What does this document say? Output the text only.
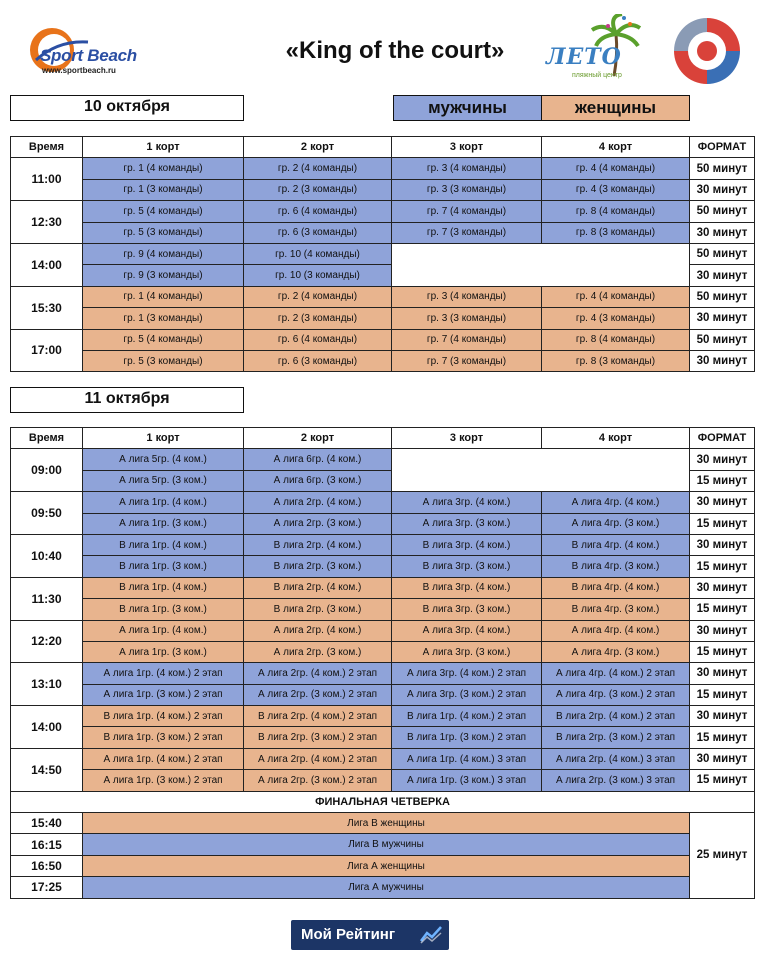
Sport Beach
www.sportbeach.ru
«King of the court»	ЛЕТО
пляжный центр
10 октября	мужчины	женщины
Время	1 корт	2 корт	3 корт	4 корт	ФОРМАТ
11:00	гр. 1 (4 команды)	гр. 2 (4 команды)	гр. 3 (4 команды)	гр. 4 (4 команды)	50 минут
	гр. 1 (3 команды)	гр. 2 (3 команды)	гр. 3 (3 команды)	гр. 4 (3 команды)	30 минут
12:30	гр. 5 (4 команды)	гр. 6 (4 команды)	гр. 7 (4 команды)	гр. 8 (4 команды)	50 минут
	гр. 5 (3 команды)	гр. 6 (3 команды)	гр. 7 (3 команды)	гр. 8 (3 команды)	30 минут
14:00	гр. 9 (4 команды)	гр. 10 (4 команды)			50 минут
	гр. 9 (3 команды)	гр. 10 (3 команды)			30 минут
15:30	гр. 1 (4 команды)	гр. 2 (4 команды)	гр. 3 (4 команды)	гр. 4 (4 команды)	50 минут
	гр. 1 (3 команды)	гр. 2 (3 команды)	гр. 3 (3 команды)	гр. 4 (3 команды)	30 минут
17:00	гр. 5 (4 команды)	гр. 6 (4 команды)	гр. 7 (4 команды)	гр. 8 (4 команды)	50 минут
	гр. 5 (3 команды)	гр. 6 (3 команды)	гр. 7 (3 команды)	гр. 8 (3 команды)	30 минут
11 октября
Время	1 корт	2 корт	3 корт	4 корт	ФОРМАТ
09:00	А лига 5гр. (4 ком.)	А лига 6гр. (4 ком.)			30 минут
	А лига 5гр. (3 ком.)	А лига 6гр. (3 ком.)			15 минут
09:50	А лига 1гр. (4 ком.)	А лига 2гр. (4 ком.)	А лига 3гр. (4 ком.)	А лига 4гр. (4 ком.)	30 минут
	А лига 1гр. (3 ком.)	А лига 2гр. (3 ком.)	А лига 3гр. (3 ком.)	А лига 4гр. (3 ком.)	15 минут
10:40	В лига 1гр. (4 ком.)	В лига 2гр. (4 ком.)	В лига 3гр. (4 ком.)	В лига 4гр. (4 ком.)	30 минут
	В лига 1гр. (3 ком.)	В лига 2гр. (3 ком.)	В лига 3гр. (3 ком.)	В лига 4гр. (3 ком.)	15 минут
11:30	В лига 1гр. (4 ком.)	В лига 2гр. (4 ком.)	В лига 3гр. (4 ком.)	В лига 4гр. (4 ком.)	30 минут
	В лига 1гр. (3 ком.)	В лига 2гр. (3 ком.)	В лига 3гр. (3 ком.)	В лига 4гр. (3 ком.)	15 минут
12:20	А лига 1гр. (4 ком.)	А лига 2гр. (4 ком.)	А лига 3гр. (4 ком.)	А лига 4гр. (4 ком.)	30 минут
	А лига 1гр. (3 ком.)	А лига 2гр. (3 ком.)	А лига 3гр. (3 ком.)	А лига 4гр. (3 ком.)	15 минут
13:10	А лига 1гр. (4 ком.) 2 этап	А лига 2гр. (4 ком.) 2 этап	А лига 3гр. (4 ком.) 2 этап	А лига 4гр. (4 ком.) 2 этап	30 минут
	А лига 1гр. (3 ком.) 2 этап	А лига 2гр. (3 ком.) 2 этап	А лига 3гр. (3 ком.) 2 этап	А лига 4гр. (3 ком.) 2 этап	15 минут
14:00	В лига 1гр. (4 ком.) 2 этап	В лига 2гр. (4 ком.) 2 этап	В лига 1гр. (4 ком.) 2 этап	В лига 2гр. (4 ком.) 2 этап	30 минут
	В лига 1гр. (3 ком.) 2 этап	В лига 2гр. (3 ком.) 2 этап	В лига 1гр. (3 ком.) 2 этап	В лига 2гр. (3 ком.) 2 этап	15 минут
14:50	А лига 1гр. (4 ком.) 2 этап	А лига 2гр. (4 ком.) 2 этап	А лига 1гр. (4 ком.) 3 этап	А лига 2гр. (4 ком.) 3 этап	30 минут
	А лига 1гр. (3 ком.) 2 этап	А лига 2гр. (3 ком.) 2 этап	А лига 1гр. (3 ком.) 3 этап	А лига 2гр. (3 ком.) 3 этап	15 минут
ФИНАЛЬНАЯ ЧЕТВЕРКА					
15:40	Лига В женщины				25 минут
16:15	Лига В мужчины				
16:50	Лига А женщины				
17:25	Лига А мужчины				
Мой Рейтинг
